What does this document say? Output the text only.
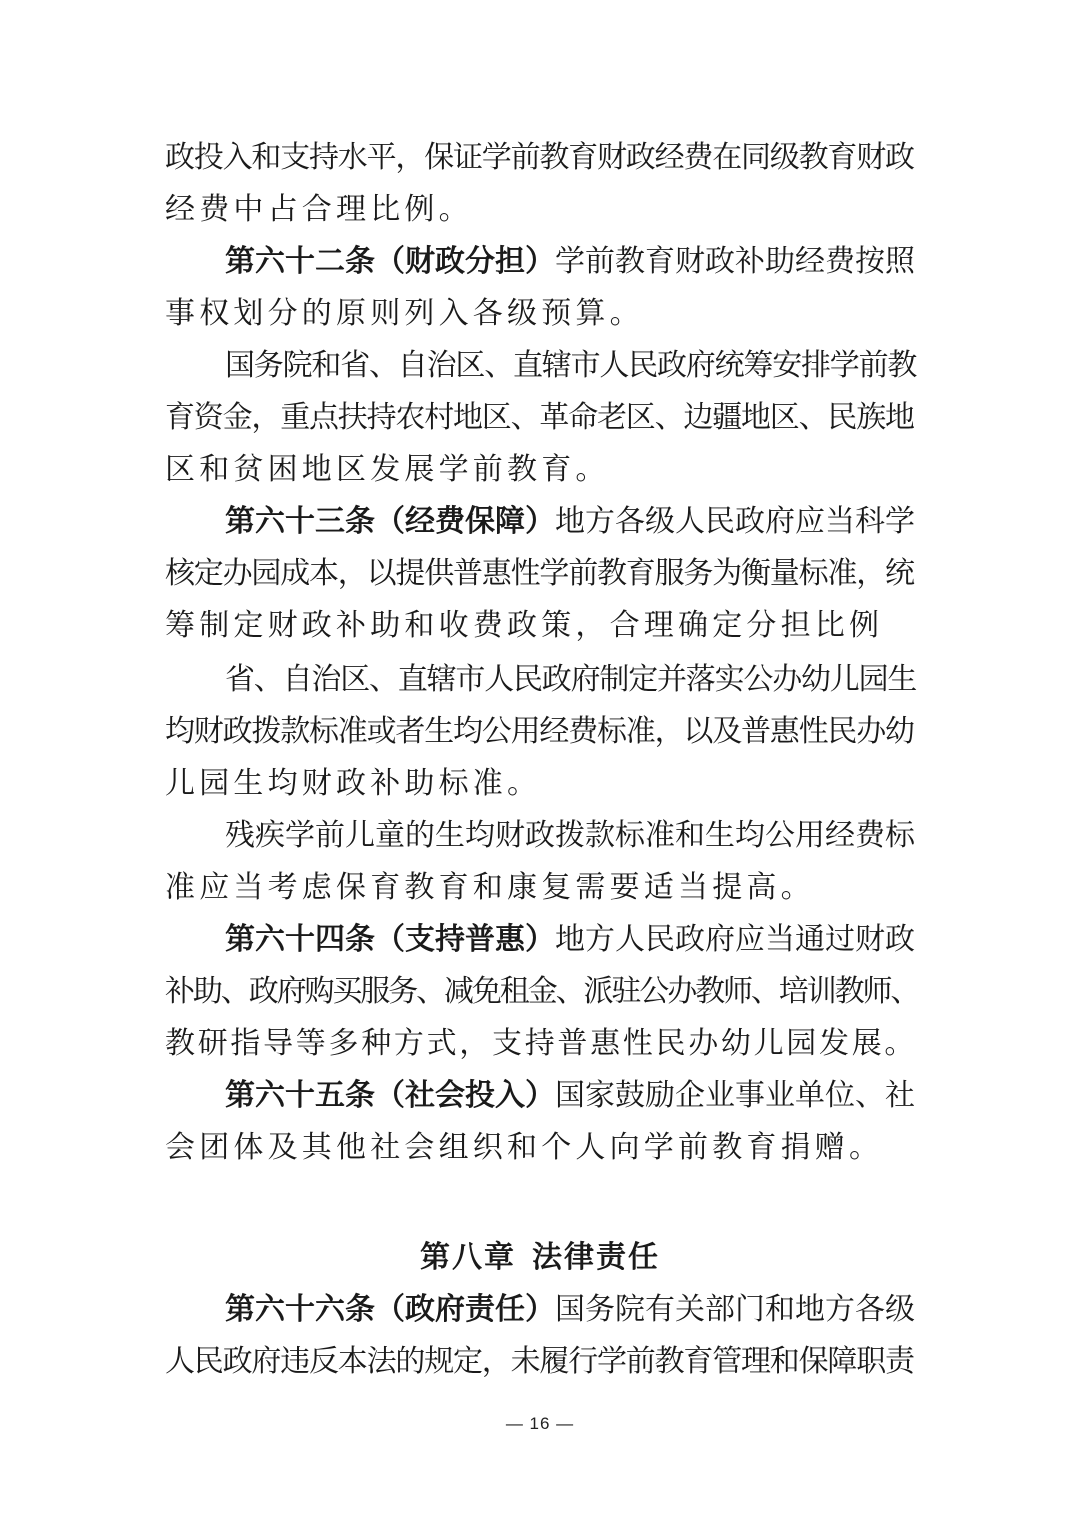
政投入和支持水平，保证学前教育财政经费在同级教育财政
经费中占合理比例。
第六十二条（财政分担）学前教育财政补助经费按照
事权划分的原则列入各级预算。
国务院和省、自治区、直辖市人民政府统筹安排学前教
育资金，重点扶持农村地区、革命老区、边疆地区、民族地
区和贫困地区发展学前教育。
第六十三条（经费保障）地方各级人民政府应当科学
核定办园成本，以提供普惠性学前教育服务为衡量标准，统
筹制定财政补助和收费政策，合理确定分担比例
省、自治区、直辖市人民政府制定并落实公办幼儿园生
均财政拨款标准或者生均公用经费标准，以及普惠性民办幼
儿园生均财政补助标准。
残疾学前儿童的生均财政拨款标准和生均公用经费标
准应当考虑保育教育和康复需要适当提高。
第六十四条（支持普惠）地方人民政府应当通过财政
补助、政府购买服务、减免租金、派驻公办教师、培训教师、
教研指导等多种方式，支持普惠性民办幼儿园发展。
第六十五条（社会投入）国家鼓励企业事业单位、社
会团体及其他社会组织和个人向学前教育捐赠。
第八章 法律责任
第六十六条（政府责任）国务院有关部门和地方各级
人民政府违反本法的规定，未履行学前教育管理和保障职责
— 16 —
